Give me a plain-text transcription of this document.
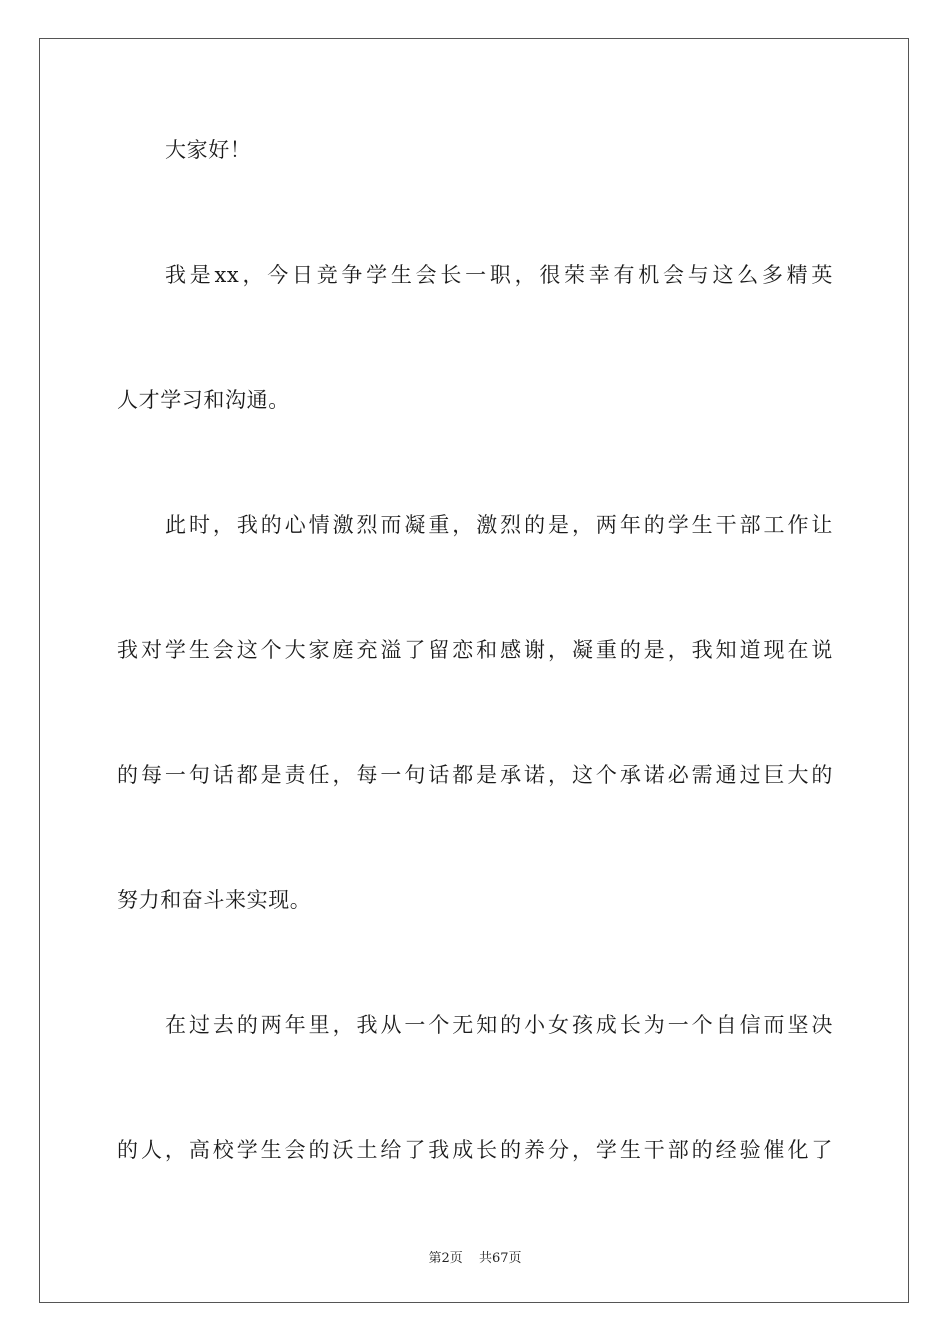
大家好！
我是xx，今日竞争学生会长一职，很荣幸有机会与这么多精英
人才学习和沟通。
此时，我的心情激烈而凝重，激烈的是，两年的学生干部工作让
我对学生会这个大家庭充溢了留恋和感谢，凝重的是，我知道现在说
的每一句话都是责任，每一句话都是承诺，这个承诺必需通过巨大的
努力和奋斗来实现。
在过去的两年里，我从一个无知的小女孩成长为一个自信而坚决
的人，高校学生会的沃土给了我成长的养分，学生干部的经验催化了
第2页 共67页
